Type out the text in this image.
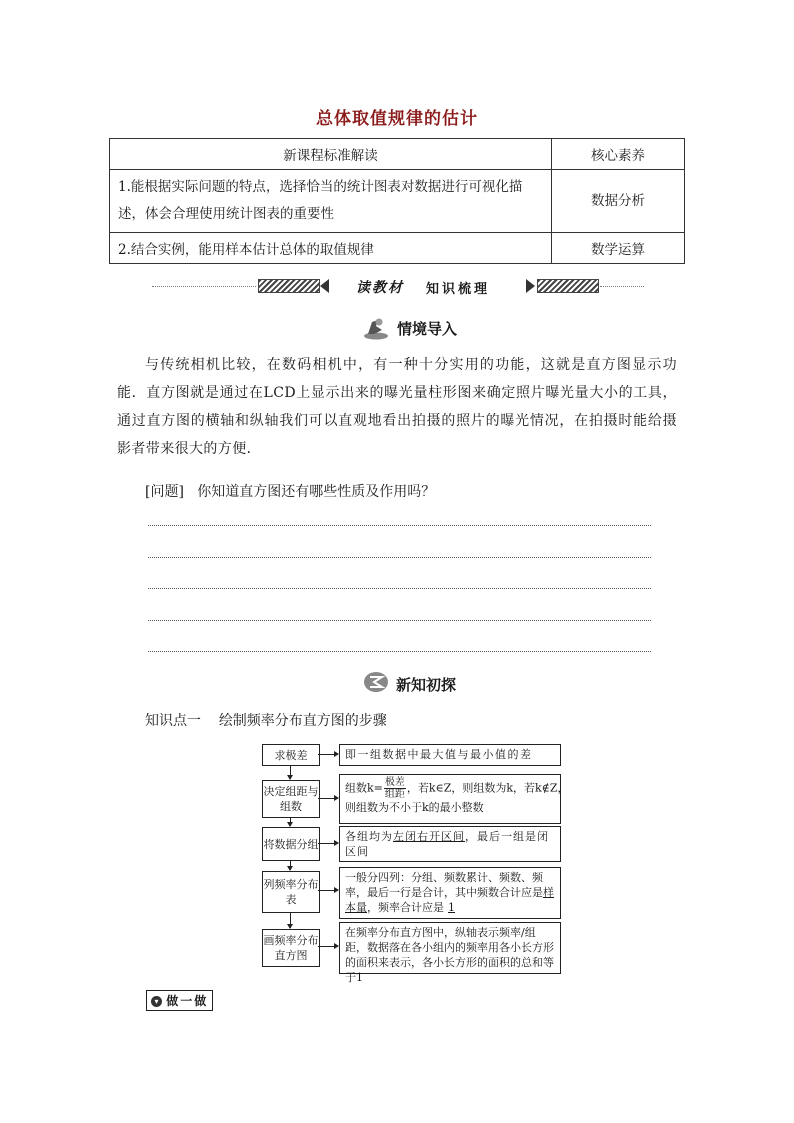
总体取值规律的估计
新课程标准解读	核心素养
1.能根据实际问题的特点，选择恰当的统计图表对数据进行可视化描述，体会合理使用统计图表的重要性	数据分析
2.结合实例，能用样本估计总体的取值规律	数学运算
读教材 知识梳理
情境导入
与传统相机比较，在数码相机中，有一种十分实用的功能，这就是直方图显示功能．直方图就是通过在LCD上显示出来的曝光量柱形图来确定照片曝光量大小的工具，通过直方图的横轴和纵轴我们可以直观地看出拍摄的照片的曝光情况，在拍摄时能给摄影者带来很大的方便．
[问题] 你知道直方图还有哪些性质及作用吗？
新知初探
知识点一 绘制频率分布直方图的步骤
求极差	即一组数据中最大值与最小值的差
决定组距与组数
组数$k= \frac{\text{极差}}{\text{组距}}$ ，若k∈Z，则组数为k，若k∉Z，
则组数为不小于k的最小整数
将数据分组
各组均为左闭右开区间，最后一组是闭区间
列频率分布表
一般分四列：分组、频数累计、频数、频率，最后一行是合计，其中频数合计应是样本量，频率合计应是 1
画频率分布直方图
在频率分布直方图中，纵轴表示频率/组距，数据落在各小组内的频率用各小长方形的面积来表示，各小长方形的面积的总和等于1
▾ 做一做
